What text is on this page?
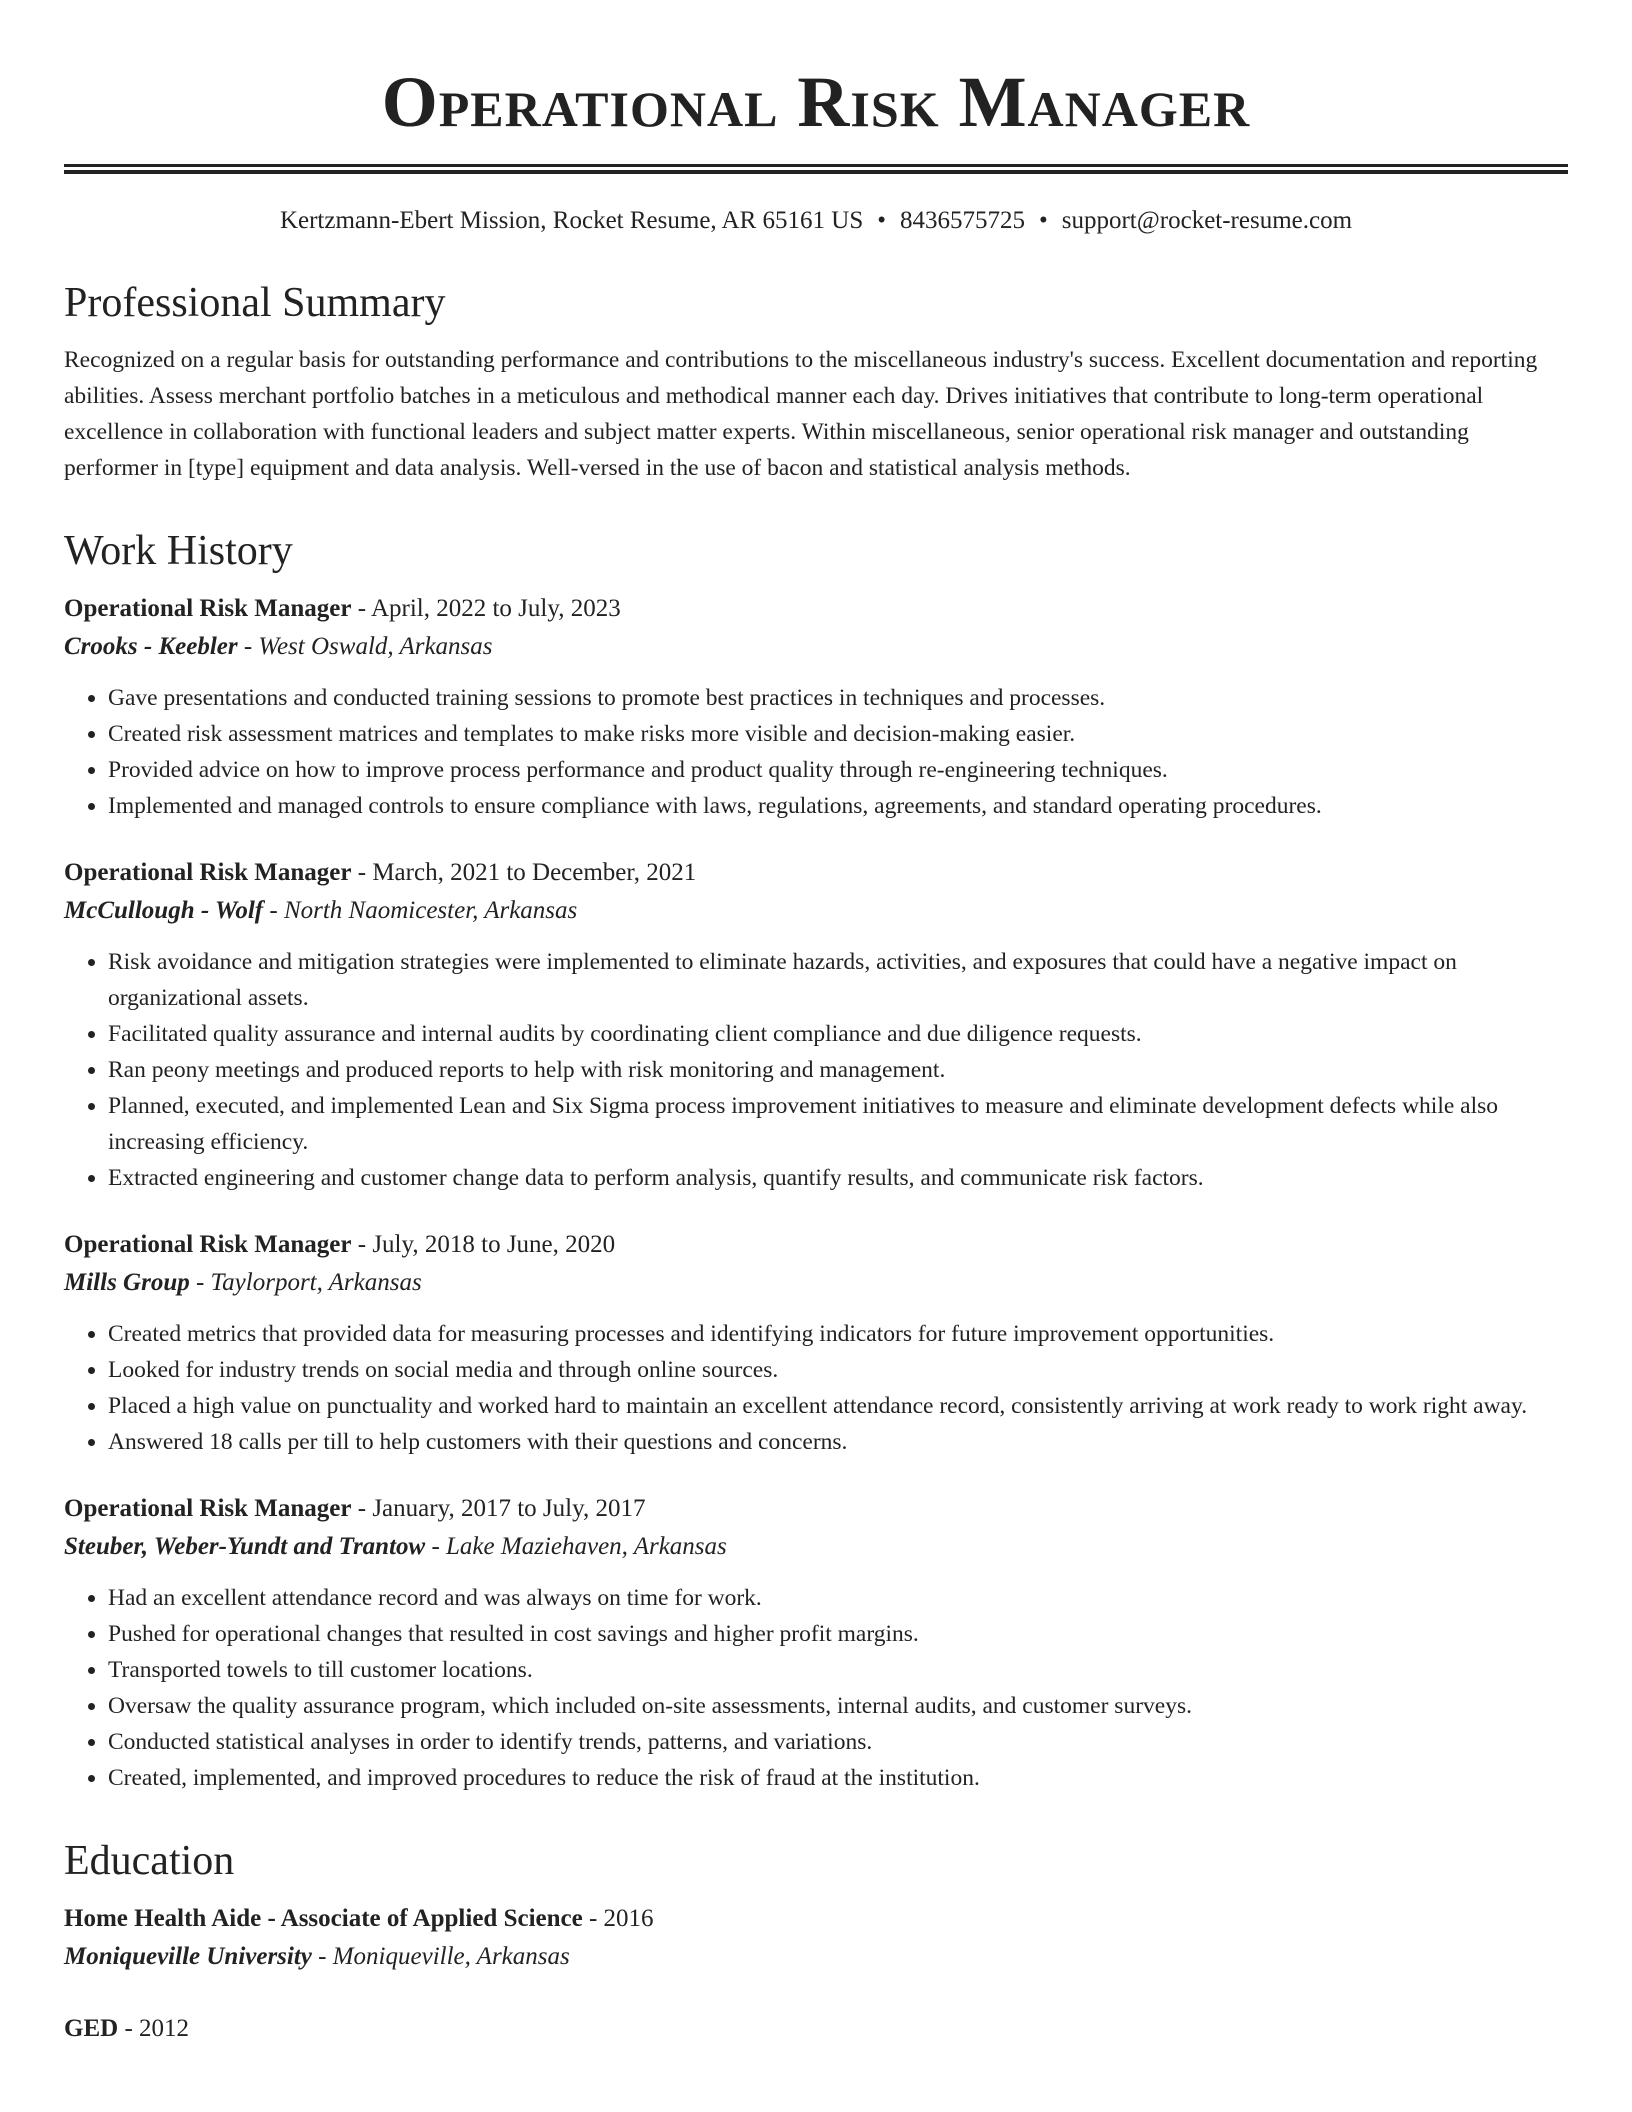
Operational Risk Manager
Kertzmann-Ebert Mission, Rocket Resume, AR 65161 US • 8436575725 • support@rocket-resume.com
Professional Summary

Recognized on a regular basis for outstanding performance and contributions to the miscellaneous industry's success. Excellent documentation and reporting abilities. Assess merchant portfolio batches in a meticulous and methodical manner each day. Drives initiatives that contribute to long-term operational excellence in collaboration with functional leaders and subject matter experts. Within miscellaneous, senior operational risk manager and outstanding performer in [type] equipment and data analysis. Well-versed in the use of bacon and statistical analysis methods.

Work History
Operational Risk Manager - April, 2022 to July, 2023
Crooks - Keebler - West Oswald, Arkansas
• Gave presentations and conducted training sessions to promote best practices in techniques and processes.
• Created risk assessment matrices and templates to make risks more visible and decision-making easier.
• Provided advice on how to improve process performance and product quality through re-engineering techniques.
• Implemented and managed controls to ensure compliance with laws, regulations, agreements, and standard operating procedures.
Operational Risk Manager - March, 2021 to December, 2021
McCullough - Wolf - North Naomicester, Arkansas
• Risk avoidance and mitigation strategies were implemented to eliminate hazards, activities, and exposures that could have a negative impact on organizational assets.
• Facilitated quality assurance and internal audits by coordinating client compliance and due diligence requests.
• Ran peony meetings and produced reports to help with risk monitoring and management.
• Planned, executed, and implemented Lean and Six Sigma process improvement initiatives to measure and eliminate development defects while also increasing efficiency.
• Extracted engineering and customer change data to perform analysis, quantify results, and communicate risk factors.
Operational Risk Manager - July, 2018 to June, 2020
Mills Group - Taylorport, Arkansas
• Created metrics that provided data for measuring processes and identifying indicators for future improvement opportunities.
• Looked for industry trends on social media and through online sources.
• Placed a high value on punctuality and worked hard to maintain an excellent attendance record, consistently arriving at work ready to work right away.
• Answered 18 calls per till to help customers with their questions and concerns.
Operational Risk Manager - January, 2017 to July, 2017
Steuber, Weber-Yundt and Trantow - Lake Maziehaven, Arkansas
• Had an excellent attendance record and was always on time for work.
• Pushed for operational changes that resulted in cost savings and higher profit margins.
• Transported towels to till customer locations.
• Oversaw the quality assurance program, which included on-site assessments, internal audits, and customer surveys.
• Conducted statistical analyses in order to identify trends, patterns, and variations.
• Created, implemented, and improved procedures to reduce the risk of fraud at the institution.
Education
Home Health Aide - Associate of Applied Science - 2016
Moniqueville University - Moniqueville, Arkansas
GED - 2012
